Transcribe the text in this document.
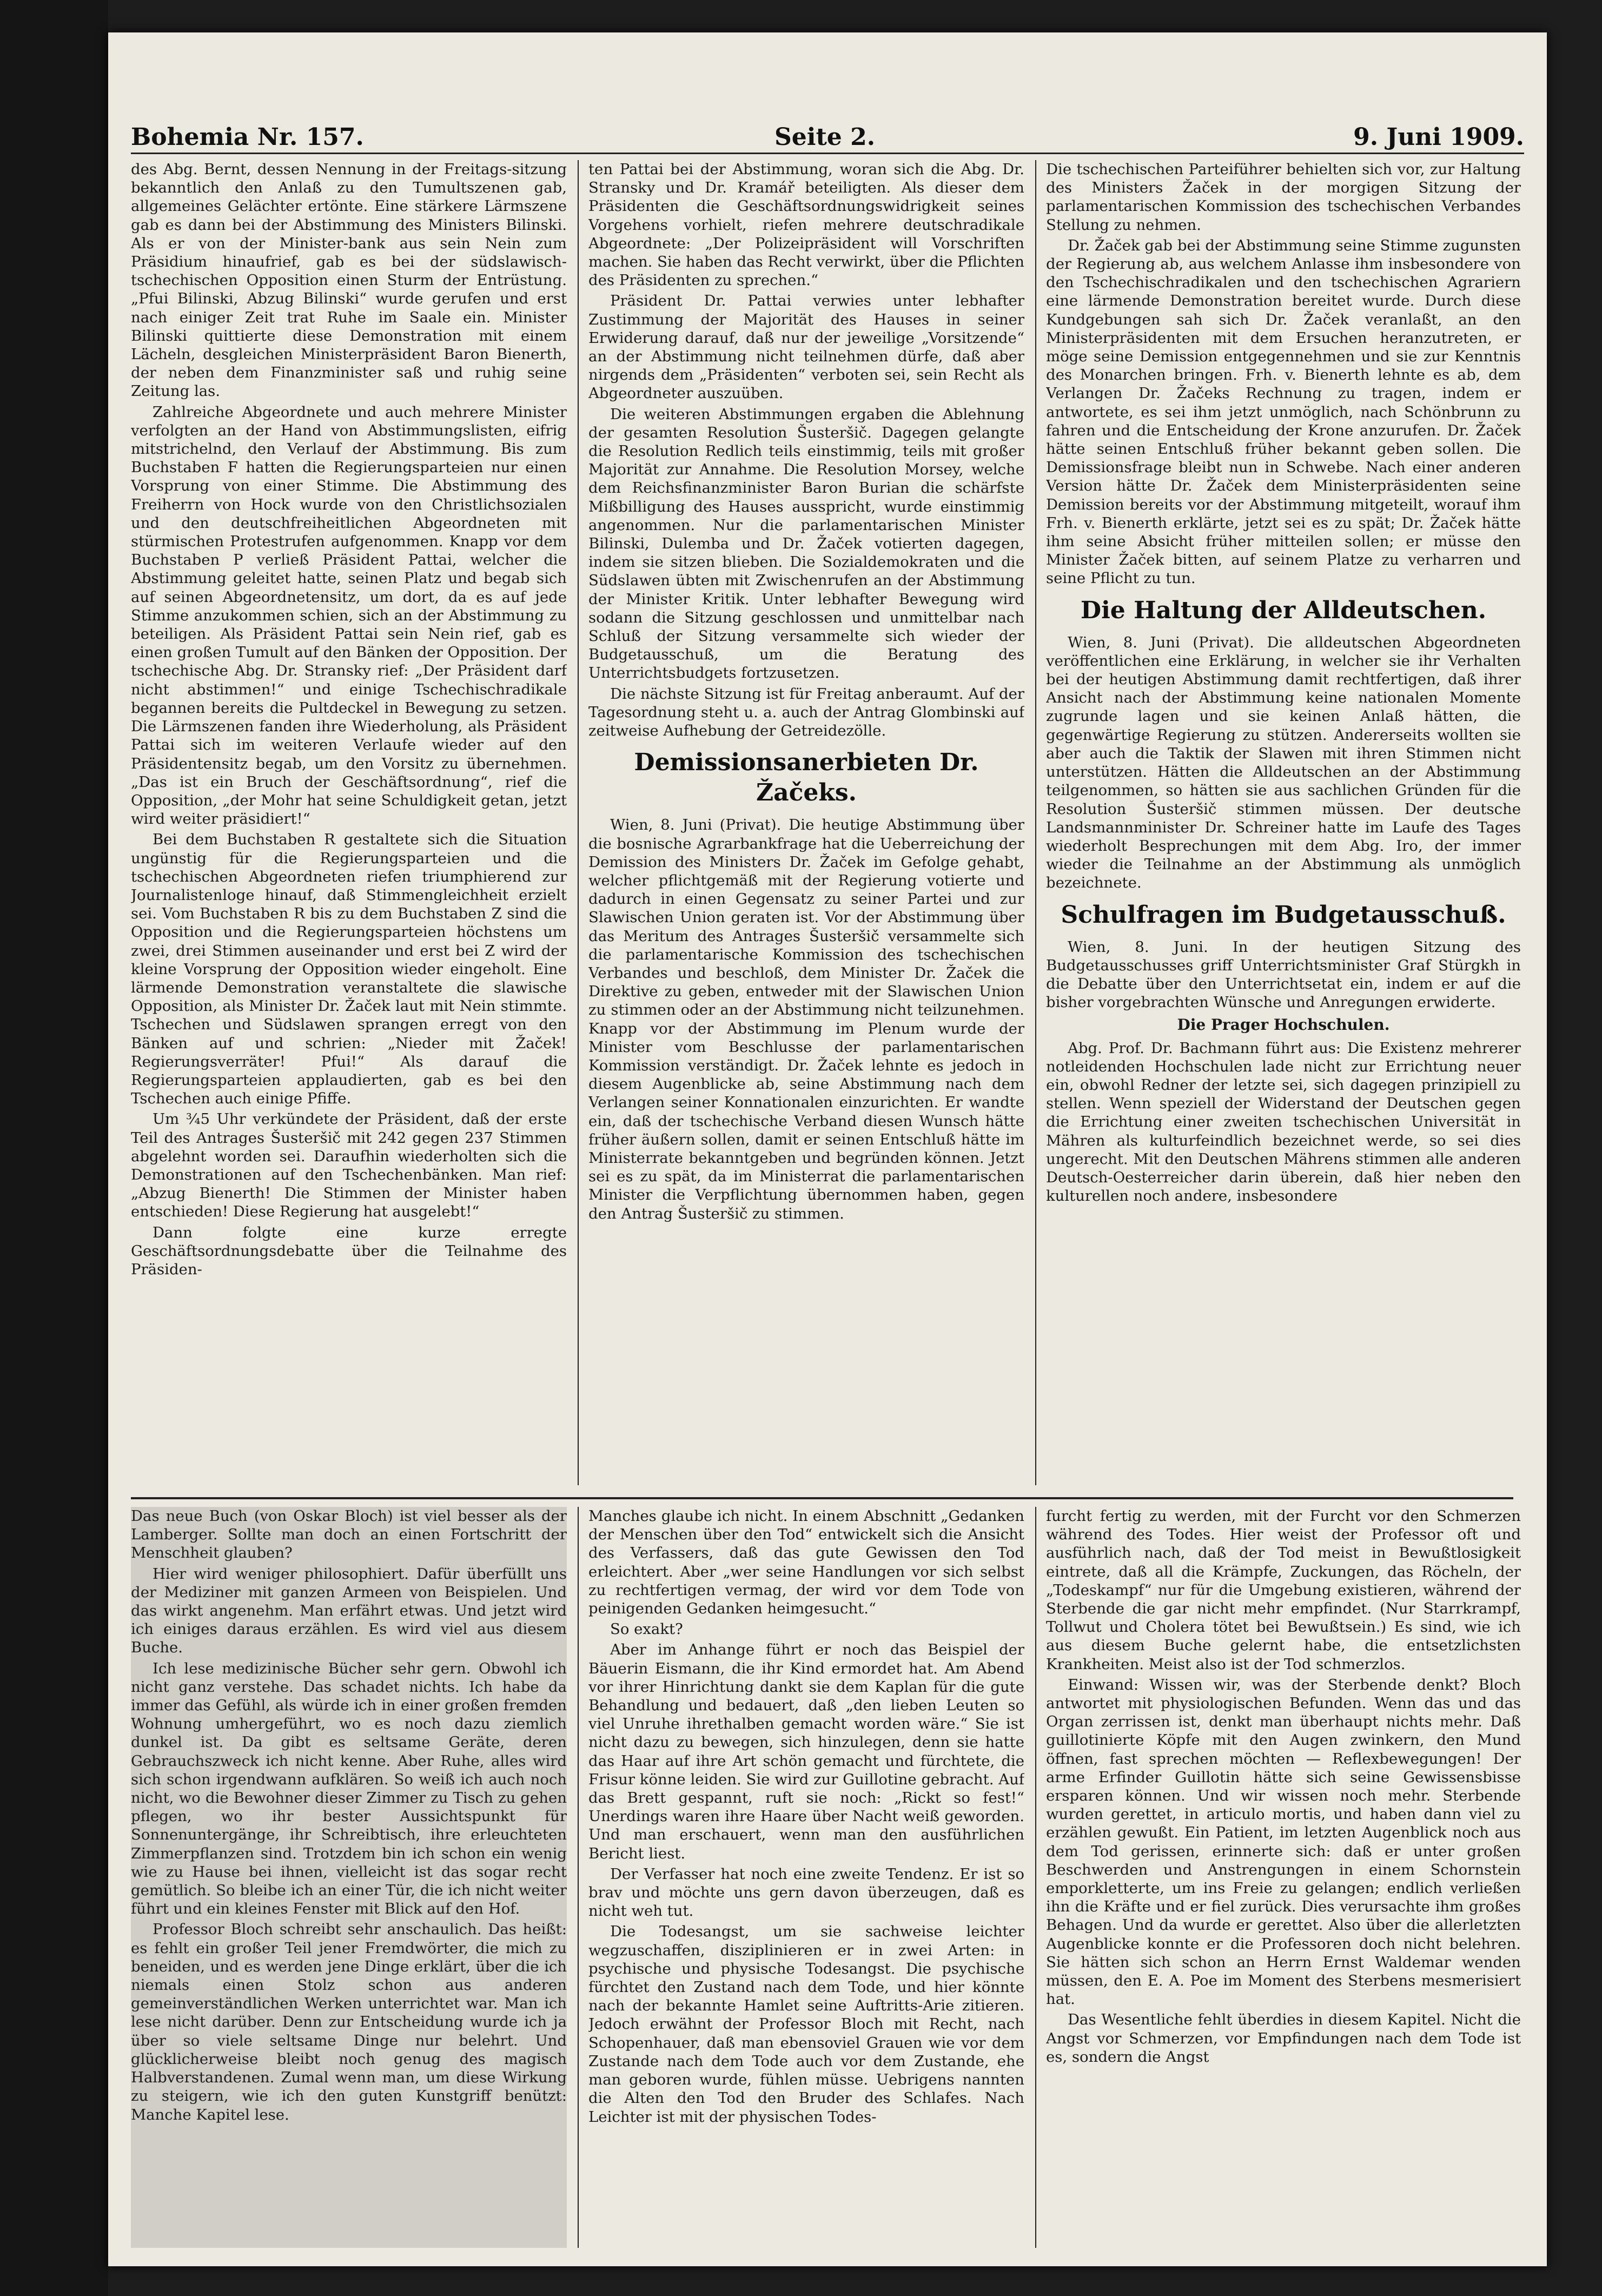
Bohemia Nr. 157.	Seite 2.	9. Juni 1909.

des Abg. Bernt, dessen Nennung in der Freitags-sitzung bekanntlich den Anlaß zu den Tumultszenen gab, allgemeines Gelächter ertönte. Eine stärkere Lärmszene gab es dann bei der Abstimmung des Ministers Bilinski. Als er von der Minister-bank aus sein Nein zum Präsidium hinaufrief, gab es bei der südslawisch-tschechischen Opposition einen Sturm der Entrüstung. „Pfui Bilinski, Abzug Bilinski“ wurde gerufen und erst nach einiger Zeit trat Ruhe im Saale ein. Minister Bilinski quittierte diese Demonstration mit einem Lächeln, desgleichen Ministerpräsident Baron Bienerth, der neben dem Finanzminister saß und ruhig seine Zeitung las.

Zahlreiche Abgeordnete und auch mehrere Minister verfolgten an der Hand von Abstimmungslisten, eifrig mitstrichelnd, den Verlauf der Abstimmung. Bis zum Buchstaben F hatten die Regierungsparteien nur einen Vorsprung von einer Stimme. Die Abstimmung des Freiherrn von Hock wurde von den Christlichsozialen und den deutschfreiheitlichen Abgeordneten mit stürmischen Protestrufen aufgenommen. Knapp vor dem Buchstaben P verließ Präsident Pattai, welcher die Abstimmung geleitet hatte, seinen Platz und begab sich auf seinen Abgeordnetensitz, um dort, da es auf jede Stimme anzukommen schien, sich an der Abstimmung zu beteiligen. Als Präsident Pattai sein Nein rief, gab es einen großen Tumult auf den Bänken der Opposition. Der tschechische Abg. Dr. Stransky rief: „Der Präsident darf nicht abstimmen!“ und einige Tschechischradikale begannen bereits die Pultdeckel in Bewegung zu setzen. Die Lärmszenen fanden ihre Wiederholung, als Präsident Pattai sich im weiteren Verlaufe wieder auf den Präsidentensitz begab, um den Vorsitz zu übernehmen. „Das ist ein Bruch der Geschäftsordnung“, rief die Opposition, „der Mohr hat seine Schuldigkeit getan, jetzt wird weiter präsidiert!“

Bei dem Buchstaben R gestaltete sich die Situation ungünstig für die Regierungsparteien und die tschechischen Abgeordneten riefen triumphierend zur Journalistenloge hinauf, daß Stimmengleichheit erzielt sei. Vom Buchstaben R bis zu dem Buchstaben Z sind die Opposition und die Regierungsparteien höchstens um zwei, drei Stimmen auseinander und erst bei Z wird der kleine Vorsprung der Opposition wieder eingeholt. Eine lärmende Demonstration veranstaltete die slawische Opposition, als Minister Dr. Žaček laut mit Nein stimmte. Tschechen und Südslawen sprangen erregt von den Bänken auf und schrien: „Nieder mit Žaček! Regierungsverräter! Pfui!“ Als darauf die Regierungsparteien applaudierten, gab es bei den Tschechen auch einige Pfiffe.

Um ¾5 Uhr verkündete der Präsident, daß der erste Teil des Antrages Šusteršič mit 242 gegen 237 Stimmen abgelehnt worden sei. Daraufhin wiederholten sich die Demonstrationen auf den Tschechenbänken. Man rief: „Abzug Bienerth! Die Stimmen der Minister haben entschieden! Diese Regierung hat ausgelebt!“

Dann folgte eine kurze erregte Geschäftsordnungsdebatte über die Teilnahme des Präsiden-

ten Pattai bei der Abstimmung, woran sich die Abg. Dr. Stransky und Dr. Kramář beteiligten. Als dieser dem Präsidenten die Geschäftsordnungswidrigkeit seines Vorgehens vorhielt, riefen mehrere deutschradikale Abgeordnete: „Der Polizeipräsident will Vorschriften machen. Sie haben das Recht verwirkt, über die Pflichten des Präsidenten zu sprechen.“

Präsident Dr. Pattai verwies unter lebhafter Zustimmung der Majorität des Hauses in seiner Erwiderung darauf, daß nur der jeweilige „Vorsitzende“ an der Abstimmung nicht teilnehmen dürfe, daß aber nirgends dem „Präsidenten“ verboten sei, sein Recht als Abgeordneter auszuüben.

Die weiteren Abstimmungen ergaben die Ablehnung der gesamten Resolution Šusteršič. Dagegen gelangte die Resolution Redlich teils einstimmig, teils mit großer Majorität zur Annahme. Die Resolution Morsey, welche dem Reichsfinanzminister Baron Burian die schärfste Mißbilligung des Hauses ausspricht, wurde einstimmig angenommen. Nur die parlamentarischen Minister Bilinski, Dulemba und Dr. Žaček votierten dagegen, indem sie sitzen blieben. Die Sozialdemokraten und die Südslawen übten mit Zwischenrufen an der Abstimmung der Minister Kritik. Unter lebhafter Bewegung wird sodann die Sitzung geschlossen und unmittelbar nach Schluß der Sitzung versammelte sich wieder der Budgetausschuß, um die Beratung des Unterrichtsbudgets fortzusetzen.

Die nächste Sitzung ist für Freitag anberaumt. Auf der Tagesordnung steht u. a. auch der Antrag Glombinski auf zeitweise Aufhebung der Getreidezölle.

Demissionsanerbieten Dr. Žačeks.

Wien, 8. Juni (Privat). Die heutige Abstimmung über die bosnische Agrarbankfrage hat die Ueberreichung der Demission des Ministers Dr. Žaček im Gefolge gehabt, welcher pflichtgemäß mit der Regierung votierte und dadurch in einen Gegensatz zu seiner Partei und zur Slawischen Union geraten ist. Vor der Abstimmung über das Meritum des Antrages Šusteršič versammelte sich die parlamentarische Kommission des tschechischen Verbandes und beschloß, dem Minister Dr. Žaček die Direktive zu geben, entweder mit der Slawischen Union zu stimmen oder an der Abstimmung nicht teilzunehmen. Knapp vor der Abstimmung im Plenum wurde der Minister vom Beschlusse der parlamentarischen Kommission verständigt. Dr. Žaček lehnte es jedoch in diesem Augenblicke ab, seine Abstimmung nach dem Verlangen seiner Konnationalen einzurichten. Er wandte ein, daß der tschechische Verband diesen Wunsch hätte früher äußern sollen, damit er seinen Entschluß hätte im Ministerrate bekanntgeben und begründen können. Jetzt sei es zu spät, da im Ministerrat die parlamentarischen Minister die Verpflichtung übernommen haben, gegen den Antrag Šusteršič zu stimmen.

Die tschechischen Parteiführer behielten sich vor, zur Haltung des Ministers Žaček in der morgigen Sitzung der parlamentarischen Kommission des tschechischen Verbandes Stellung zu nehmen.

Dr. Žaček gab bei der Abstimmung seine Stimme zugunsten der Regierung ab, aus welchem Anlasse ihm insbesondere von den Tschechischradikalen und den tschechischen Agrariern eine lärmende Demonstration bereitet wurde. Durch diese Kundgebungen sah sich Dr. Žaček veranlaßt, an den Ministerpräsidenten mit dem Ersuchen heranzutreten, er möge seine Demission entgegennehmen und sie zur Kenntnis des Monarchen bringen. Frh. v. Bienerth lehnte es ab, dem Verlangen Dr. Žačeks Rechnung zu tragen, indem er antwortete, es sei ihm jetzt unmöglich, nach Schönbrunn zu fahren und die Entscheidung der Krone anzurufen. Dr. Žaček hätte seinen Entschluß früher bekannt geben sollen. Die Demissionsfrage bleibt nun in Schwebe. Nach einer anderen Version hätte Dr. Žaček dem Ministerpräsidenten seine Demission bereits vor der Abstimmung mitgeteilt, worauf ihm Frh. v. Bienerth erklärte, jetzt sei es zu spät; Dr. Žaček hätte ihm seine Absicht früher mitteilen sollen; er müsse den Minister Žaček bitten, auf seinem Platze zu verharren und seine Pflicht zu tun.

Die Haltung der Alldeutschen.

Wien, 8. Juni (Privat). Die alldeutschen Abgeordneten veröffentlichen eine Erklärung, in welcher sie ihr Verhalten bei der heutigen Abstimmung damit rechtfertigen, daß ihrer Ansicht nach der Abstimmung keine nationalen Momente zugrunde lagen und sie keinen Anlaß hätten, die gegenwärtige Regierung zu stützen. Andererseits wollten sie aber auch die Taktik der Slawen mit ihren Stimmen nicht unterstützen. Hätten die Alldeutschen an der Abstimmung teilgenommen, so hätten sie aus sachlichen Gründen für die Resolution Šusteršič stimmen müssen. Der deutsche Landsmannminister Dr. Schreiner hatte im Laufe des Tages wiederholt Besprechungen mit dem Abg. Iro, der immer wieder die Teilnahme an der Abstimmung als unmöglich bezeichnete.

Schulfragen im Budgetausschuß.

Wien, 8. Juni. In der heutigen Sitzung des Budgetausschusses griff Unterrichtsminister Graf Stürgkh in die Debatte über den Unterrichtsetat ein, indem er auf die bisher vorgebrachten Wünsche und Anregungen erwiderte.

Die Prager Hochschulen.

Abg. Prof. Dr. Bachmann führt aus: Die Existenz mehrerer notleidenden Hochschulen lade nicht zur Errichtung neuer ein, obwohl Redner der letzte sei, sich dagegen prinzipiell zu stellen. Wenn speziell der Widerstand der Deutschen gegen die Errichtung einer zweiten tschechischen Universität in Mähren als kulturfeindlich bezeichnet werde, so sei dies ungerecht. Mit den Deutschen Mährens stimmen alle anderen Deutsch-Oesterreicher darin überein, daß hier neben den kulturellen noch andere, insbesondere

Das neue Buch (von Oskar Bloch) ist viel besser als der Lamberger. Sollte man doch an einen Fortschritt der Menschheit glauben?

Hier wird weniger philosophiert. Dafür überfüllt uns der Mediziner mit ganzen Armeen von Beispielen. Und das wirkt angenehm. Man erfährt etwas. Und jetzt wird ich einiges daraus erzählen. Es wird viel aus diesem Buche.

Ich lese medizinische Bücher sehr gern. Obwohl ich nicht ganz verstehe. Das schadet nichts. Ich habe da immer das Gefühl, als würde ich in einer großen fremden Wohnung umhergeführt, wo es noch dazu ziemlich dunkel ist. Da gibt es seltsame Geräte, deren Gebrauchszweck ich nicht kenne. Aber Ruhe, alles wird sich schon irgendwann aufklären. So weiß ich auch noch nicht, wo die Bewohner dieser Zimmer zu Tisch zu gehen pflegen, wo ihr bester Aussichtspunkt für Sonnenuntergänge, ihr Schreibtisch, ihre erleuchteten Zimmerpflanzen sind. Trotzdem bin ich schon ein wenig wie zu Hause bei ihnen, vielleicht ist das sogar recht gemütlich. So bleibe ich an einer Tür, die ich nicht weiter führt und ein kleines Fenster mit Blick auf den Hof.

Professor Bloch schreibt sehr anschaulich. Das heißt: es fehlt ein großer Teil jener Fremdwörter, die mich zu beneiden, und es werden jene Dinge erklärt, über die ich niemals einen Stolz schon aus anderen gemeinverständlichen Werken unterrichtet war. Man ich lese nicht darüber. Denn zur Entscheidung wurde ich ja über so viele seltsame Dinge nur belehrt. Und glücklicherweise bleibt noch genug des magisch Halbverstandenen. Zumal wenn man, um diese Wirkung zu steigern, wie ich den guten Kunstgriff benützt: Manche Kapitel lese.

Manches glaube ich nicht. In einem Abschnitt „Gedanken der Menschen über den Tod“ entwickelt sich die Ansicht des Verfassers, daß das gute Gewissen den Tod erleichtert. Aber „wer seine Handlungen vor sich selbst zu rechtfertigen vermag, der wird vor dem Tode von peinigenden Gedanken heimgesucht.“

So exakt?

Aber im Anhange führt er noch das Beispiel der Bäuerin Eismann, die ihr Kind ermordet hat. Am Abend vor ihrer Hinrichtung dankt sie dem Kaplan für die gute Behandlung und bedauert, daß „den lieben Leuten so viel Unruhe ihrethalben gemacht worden wäre.“ Sie ist nicht dazu zu bewegen, sich hinzulegen, denn sie hatte das Haar auf ihre Art schön gemacht und fürchtete, die Frisur könne leiden. Sie wird zur Guillotine gebracht. Auf das Brett gespannt, ruft sie noch: „Rickt so fest!“ Unerdings waren ihre Haare über Nacht weiß geworden. Und man erschauert, wenn man den ausführlichen Bericht liest.

Der Verfasser hat noch eine zweite Tendenz. Er ist so brav und möchte uns gern davon überzeugen, daß es nicht weh tut.

Die Todesangst, um sie sachweise leichter wegzuschaffen, disziplinieren er in zwei Arten: in psychische und physische Todesangst. Die psychische fürchtet den Zustand nach dem Tode, und hier könnte nach der bekannte Hamlet seine Auftritts-Arie zitieren. Jedoch erwähnt der Professor Bloch mit Recht, nach Schopenhauer, daß man ebensoviel Grauen wie vor dem Zustande nach dem Tode auch vor dem Zustande, ehe man geboren wurde, fühlen müsse. Uebrigens nannten die Alten den Tod den Bruder des Schlafes. Nach Leichter ist mit der physischen Todes-

furcht fertig zu werden, mit der Furcht vor den Schmerzen während des Todes. Hier weist der Professor oft und ausführlich nach, daß der Tod meist in Bewußtlosigkeit eintrete, daß all die Krämpfe, Zuckungen, das Röcheln, der „Todeskampf“ nur für die Umgebung existieren, während der Sterbende die gar nicht mehr empfindet. (Nur Starrkrampf, Tollwut und Cholera tötet bei Bewußtsein.) Es sind, wie ich aus diesem Buche gelernt habe, die entsetzlichsten Krankheiten. Meist also ist der Tod schmerzlos.

Einwand: Wissen wir, was der Sterbende denkt? Bloch antwortet mit physiologischen Befunden. Wenn das und das Organ zerrissen ist, denkt man überhaupt nichts mehr. Daß guillotinierte Köpfe mit den Augen zwinkern, den Mund öffnen, fast sprechen möchten — Reflexbewegungen! Der arme Erfinder Guillotin hätte sich seine Gewissensbisse ersparen können. Und wir wissen noch mehr. Sterbende wurden gerettet, in articulo mortis, und haben dann viel zu erzählen gewußt. Ein Patient, im letzten Augenblick noch aus dem Tod gerissen, erinnerte sich: daß er unter großen Beschwerden und Anstrengungen in einem Schornstein emporkletterte, um ins Freie zu gelangen; endlich verließen ihn die Kräfte und er fiel zurück. Dies verursachte ihm großes Behagen. Und da wurde er gerettet. Also über die allerletzten Augenblicke konnte er die Professoren doch nicht belehren. Sie hätten sich schon an Herrn Ernst Waldemar wenden müssen, den E. A. Poe im Moment des Sterbens mesmerisiert hat.

Das Wesentliche fehlt überdies in diesem Kapitel. Nicht die Angst vor Schmerzen, vor Empfindungen nach dem Tode ist es, sondern die Angst
